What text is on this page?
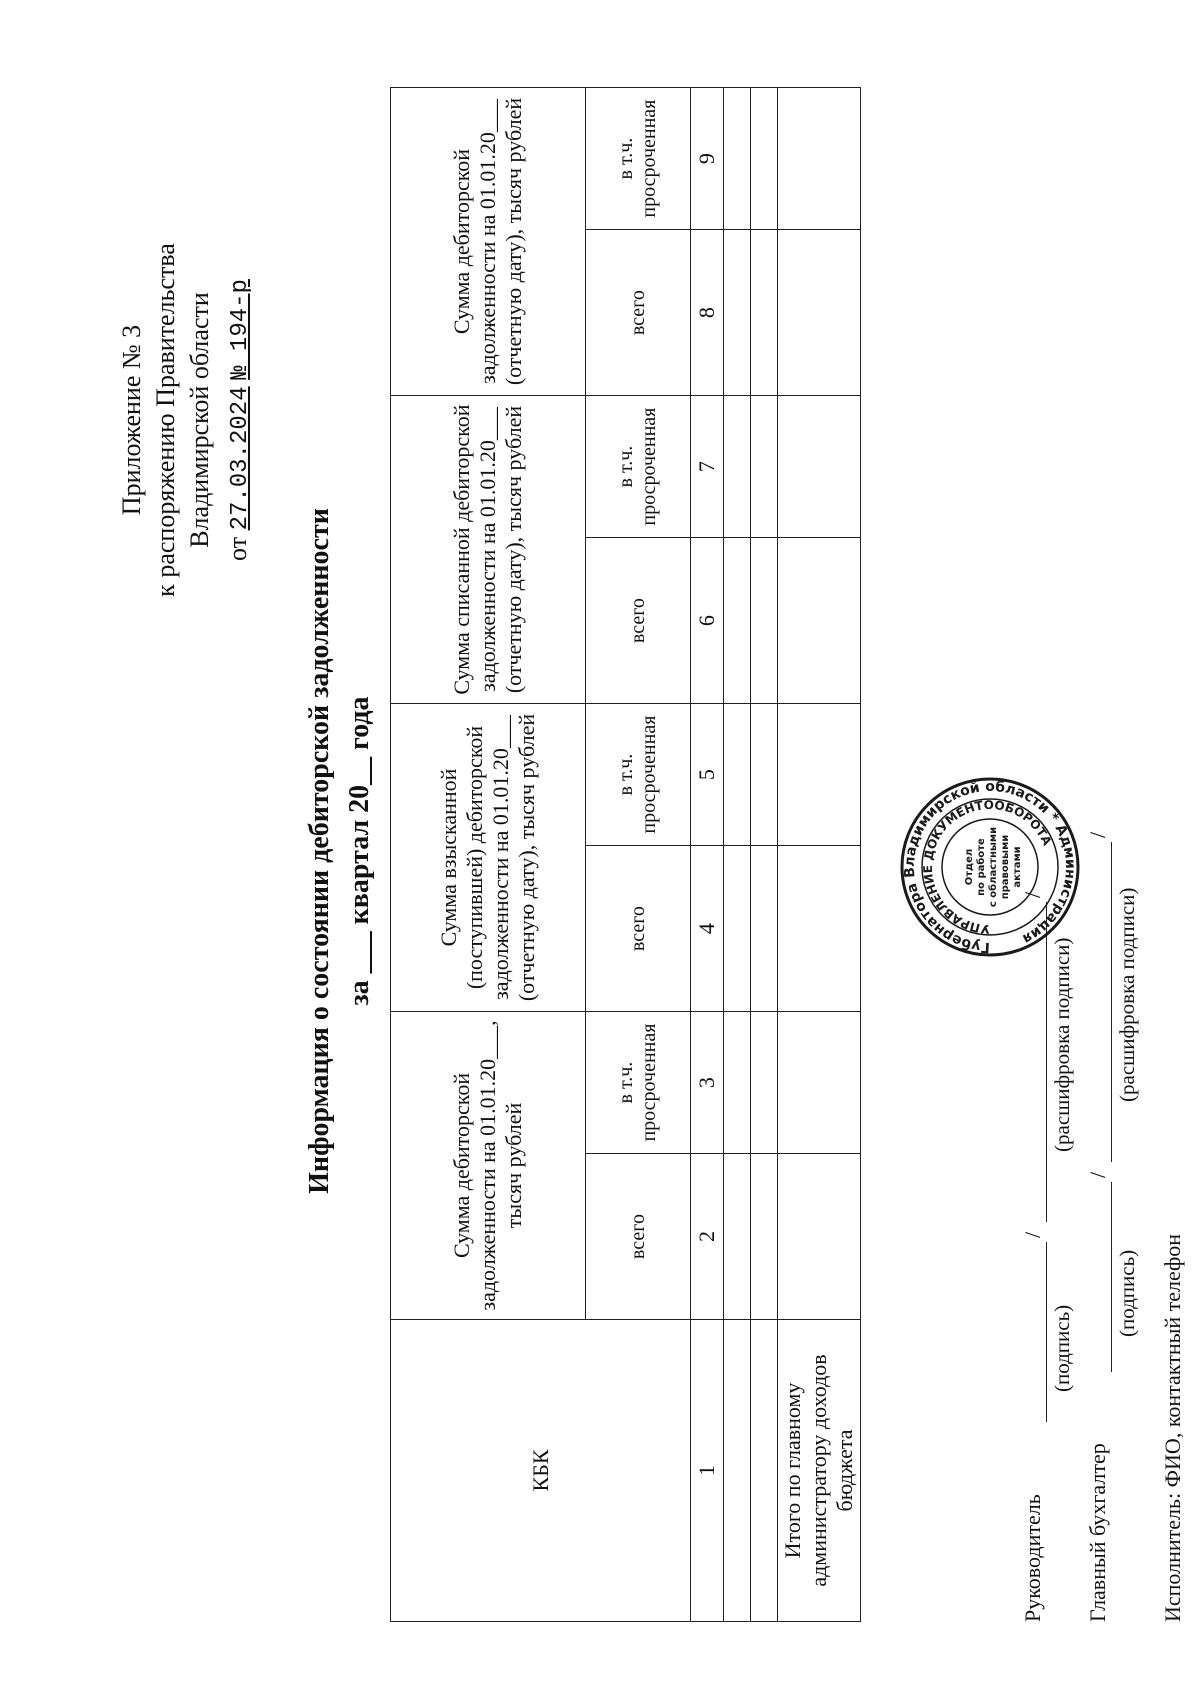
Приложение № 3 к распоряжению Правительства Владимирской области
от 27.03.2024 № 194-р
Информация о состоянии дебиторской задолженности за ___ квартал 20__ года
КБК	Сумма дебиторской задолженности на 01.01.20___, тысяч рублей		Сумма взысканной (поступившей) дебиторской задолженности на 01.01.20___ (отчетную дату), тысяч рублей		Сумма списанной дебиторской задолженности на 01.01.20___ (отчетную дату), тысяч рублей		Сумма дебиторской задолженности на 01.01.20___ (отчетную дату), тысяч рублей	
	всего	в т.ч. просроченная	всего	в т.ч. просроченная	всего	в т.ч. просроченная	всего	в т.ч. просроченная
1	2	3	4	5	6	7	8	9

Итого по главному администратору доходов бюджета								
Руководитель
/
/
(подпись)
(расшифровка подписи)
Главный бухгалтер
/
/
(подпись)
(расшифровка подписи)
Исполнитель: ФИО, контактный телефон
Губернатора Владимирской области * Администрация
УПРАВЛЕНИЕ ДОКУМЕНТООБОРОТА
Отдел по работе с областными правовыми актами
